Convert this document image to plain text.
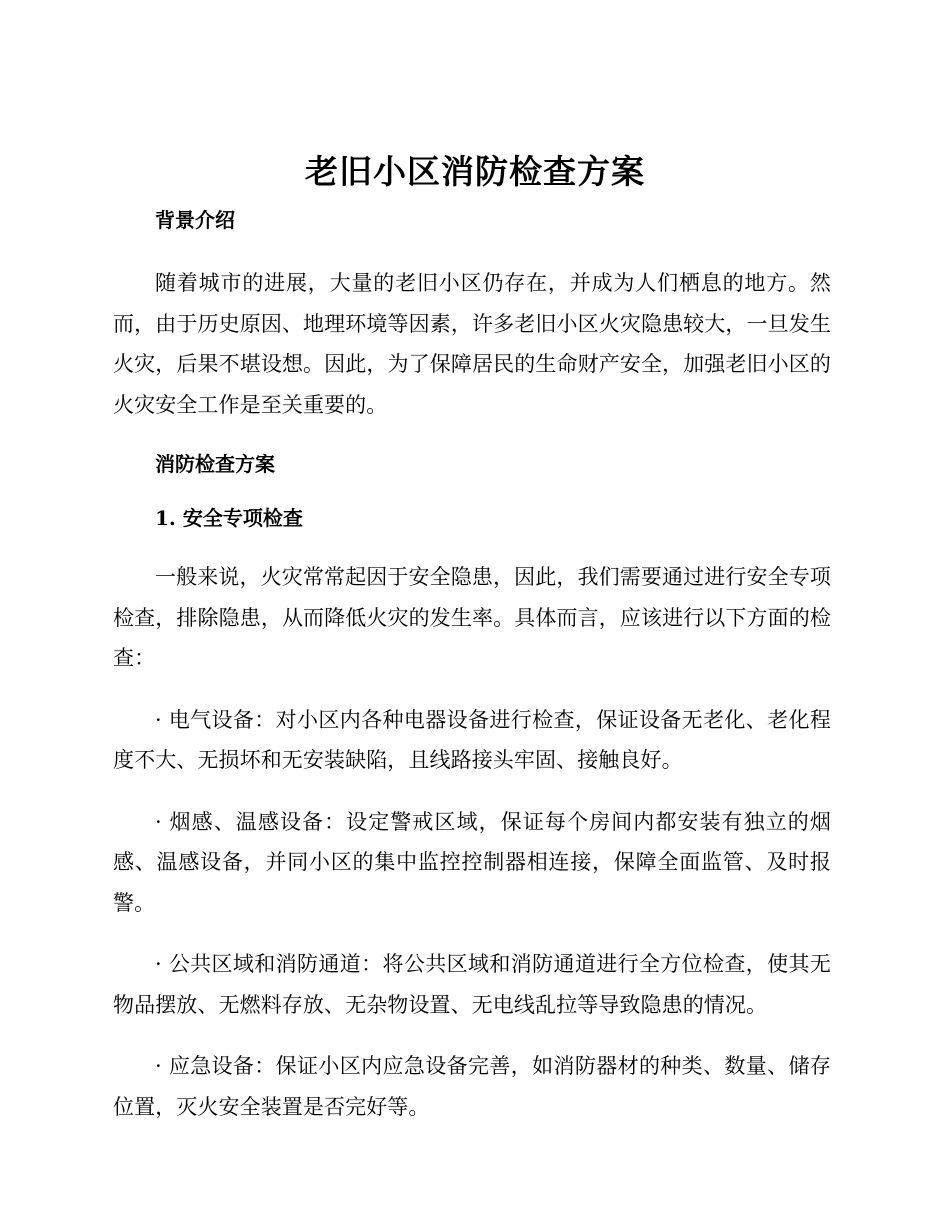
老旧小区消防检查方案

背景介绍

随着城市的进展，大量的老旧小区仍存在，并成为人们栖息的地方。然而，由于历史原因、地理环境等因素，许多老旧小区火灾隐患较大，一旦发生火灾，后果不堪设想。因此，为了保障居民的生命财产安全，加强老旧小区的火灾安全工作是至关重要的。

消防检查方案

1. 安全专项检查

一般来说，火灾常常起因于安全隐患，因此，我们需要通过进行安全专项检查，排除隐患，从而降低火灾的发生率。具体而言，应该进行以下方面的检查：

· 电气设备：对小区内各种电器设备进行检查，保证设备无老化、老化程度不大、无损坏和无安装缺陷，且线路接头牢固、接触良好。

· 烟感、温感设备：设定警戒区域，保证每个房间内都安装有独立的烟感、温感设备，并同小区的集中监控控制器相连接，保障全面监管、及时报警。

· 公共区域和消防通道：将公共区域和消防通道进行全方位检查，使其无物品摆放、无燃料存放、无杂物设置、无电线乱拉等导致隐患的情况。

· 应急设备：保证小区内应急设备完善，如消防器材的种类、数量、储存位置，灭火安全装置是否完好等。
